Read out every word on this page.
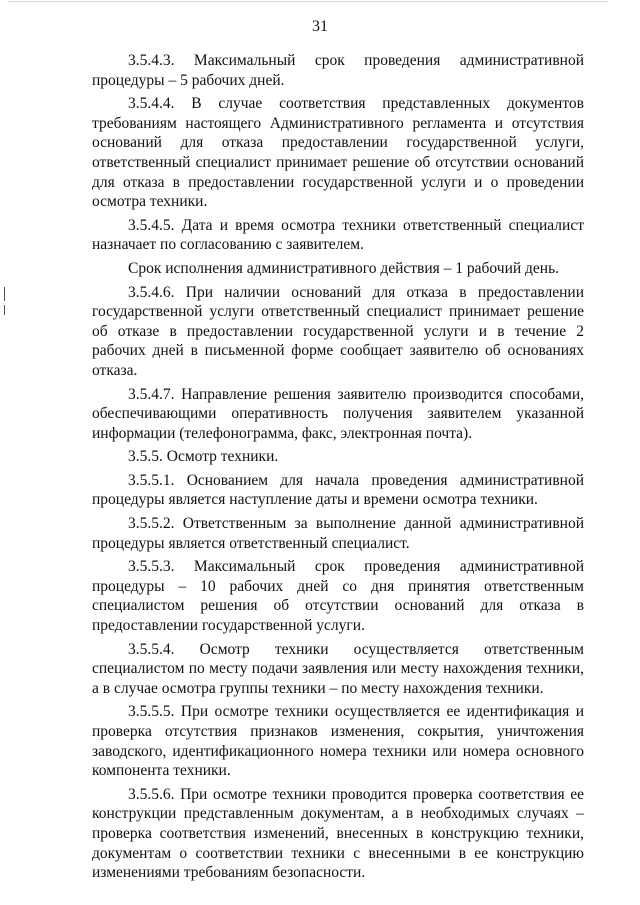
31

3.5.4.3. Максимальный срок проведения административной процедуры – 5 рабочих дней.

3.5.4.4. В случае соответствия представленных документов требованиям настоящего Административного регламента и отсутствия оснований для отказа предоставлении государственной услуги, ответственный специалист принимает решение об отсутствии оснований для отказа в предоставлении государственной услуги и о проведении осмотра техники.

3.5.4.5. Дата и время осмотра техники ответственный специалист назначает по согласованию с заявителем.

Срок исполнения административного действия – 1 рабочий день.

3.5.4.6. При наличии оснований для отказа в предоставлении государственной услуги ответственный специалист принимает решение об отказе в предоставлении государственной услуги и в течение 2 рабочих дней в письменной форме сообщает заявителю об основаниях отказа.

3.5.4.7. Направление решения заявителю производится способами, обеспечивающими оперативность получения заявителем указанной информации (телефонограмма, факс, электронная почта).

3.5.5. Осмотр техники.

3.5.5.1. Основанием для начала проведения административной процедуры является наступление даты и времени осмотра техники.

3.5.5.2. Ответственным за выполнение данной административной процедуры является ответственный специалист.

3.5.5.3. Максимальный срок проведения административной процедуры – 10 рабочих дней со дня принятия ответственным специалистом решения об отсутствии оснований для отказа в предоставлении государственной услуги.

3.5.5.4. Осмотр техники осуществляется ответственным специалистом по месту подачи заявления или месту нахождения техники, а в случае осмотра группы техники – по месту нахождения техники.

3.5.5.5. При осмотре техники осуществляется ее идентификация и проверка отсутствия признаков изменения, сокрытия, уничтожения заводского, идентификационного номера техники или номера основного компонента техники.

3.5.5.6. При осмотре техники проводится проверка соответствия ее конструкции представленным документам, а в необходимых случаях – проверка соответствия изменений, внесенных в конструкцию техники, документам о соответствии техники с внесенными в ее конструкцию изменениями требованиям безопасности.
